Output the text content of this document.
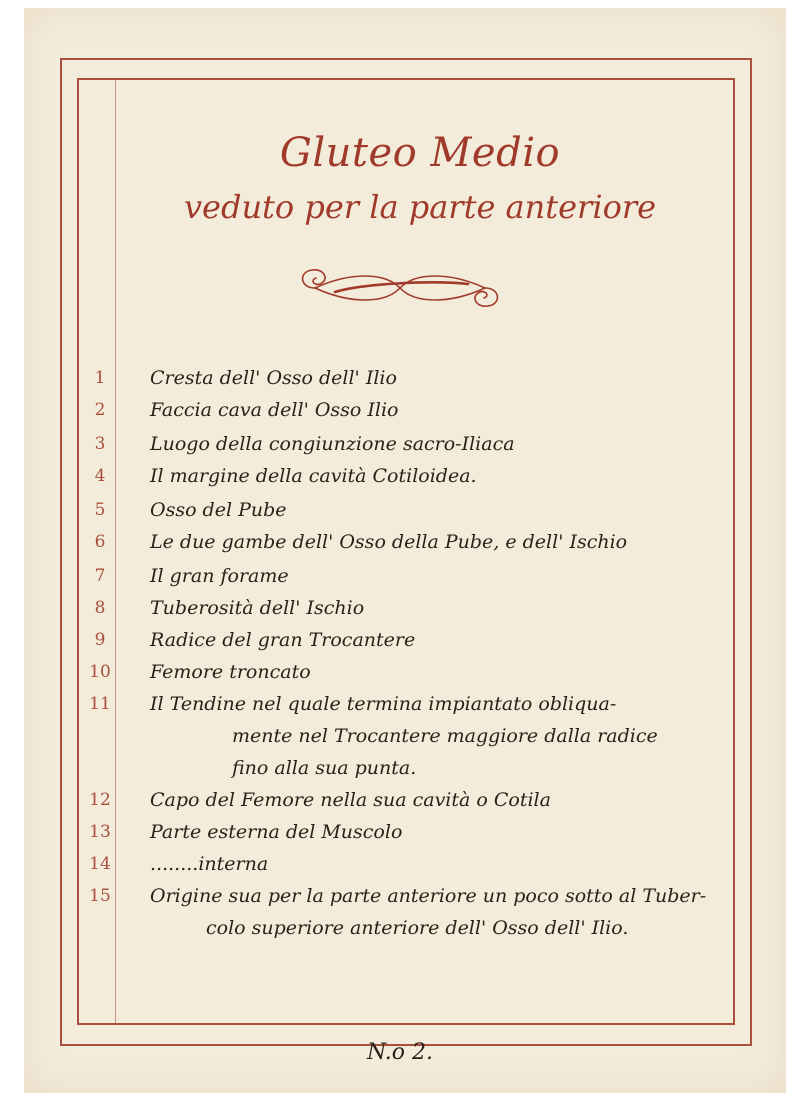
Gluteo Medio
veduto per la parte anteriore
1	Cresta dell' Osso dell' Ilio
2	Faccia cava dell' Osso Ilio
3	Luogo della congiunzione sacro-Iliaca
4	Il margine della cavità Cotiloidea.
5	Osso del Pube
6	Le due gambe dell' Osso della Pube, e dell' Ischio
7	Il gran forame
8	Tuberosità dell' Ischio
9	Radice del gran Trocantere
10 Femore troncato
11 Il Tendine nel quale termina impiantato obliqua-
mente nel Trocantere maggiore dalla radice
fino alla sua punta.
12 Capo del Femore nella sua cavità o Cotila
13 Parte esterna del Muscolo
14 ........interna
15 Origine sua per la parte anteriore un poco sotto al Tuber-
colo superiore anteriore dell' Osso dell' Ilio.
N.o 2.
